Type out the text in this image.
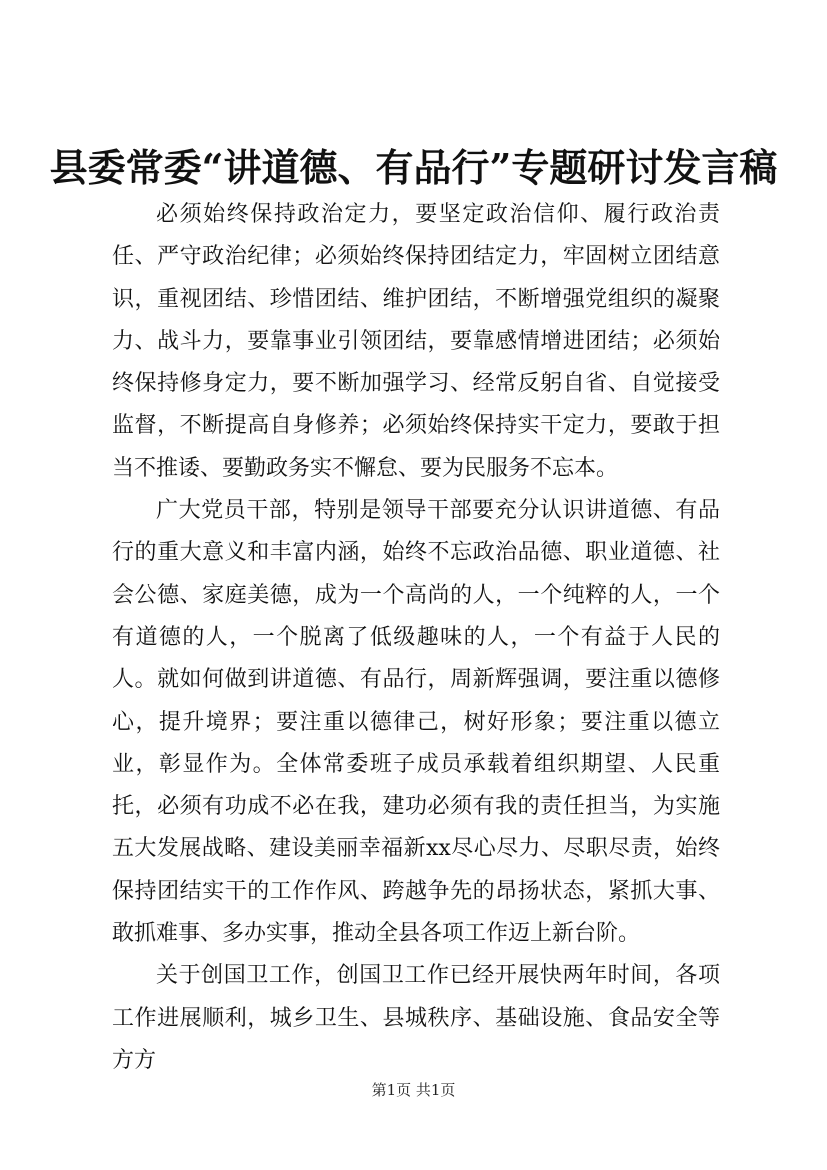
县委常委“讲道德、有品行”专题研讨发言稿

必须始终保持政治定力，要坚定政治信仰、履行政治责任、严守政治纪律；必须始终保持团结定力，牢固树立团结意识，重视团结、珍惜团结、维护团结，不断增强党组织的凝聚力、战斗力，要靠事业引领团结，要靠感情增进团结；必须始终保持修身定力，要不断加强学习、经常反躬自省、自觉接受监督，不断提高自身修养；必须始终保持实干定力，要敢于担当不推诿、要勤政务实不懈怠、要为民服务不忘本。

广大党员干部，特别是领导干部要充分认识讲道德、有品行的重大意义和丰富内涵，始终不忘政治品德、职业道德、社会公德、家庭美德，成为一个高尚的人，一个纯粹的人，一个有道德的人，一个脱离了低级趣味的人，一个有益于人民的人。就如何做到讲道德、有品行，周新辉强调，要注重以德修心，提升境界；要注重以德律己，树好形象；要注重以德立业，彰显作为。全体常委班子成员承载着组织期望、人民重托，必须有功成不必在我，建功必须有我的责任担当，为实施五大发展战略、建设美丽幸福新xx尽心尽力、尽职尽责，始终保持团结实干的工作作风、跨越争先的昂扬状态，紧抓大事、敢抓难事、多办实事，推动全县各项工作迈上新台阶。

关于创国卫工作，创国卫工作已经开展快两年时间，各项工作进展顺利，城乡卫生、县城秩序、基础设施、食品安全等方方

第1页 共1页
